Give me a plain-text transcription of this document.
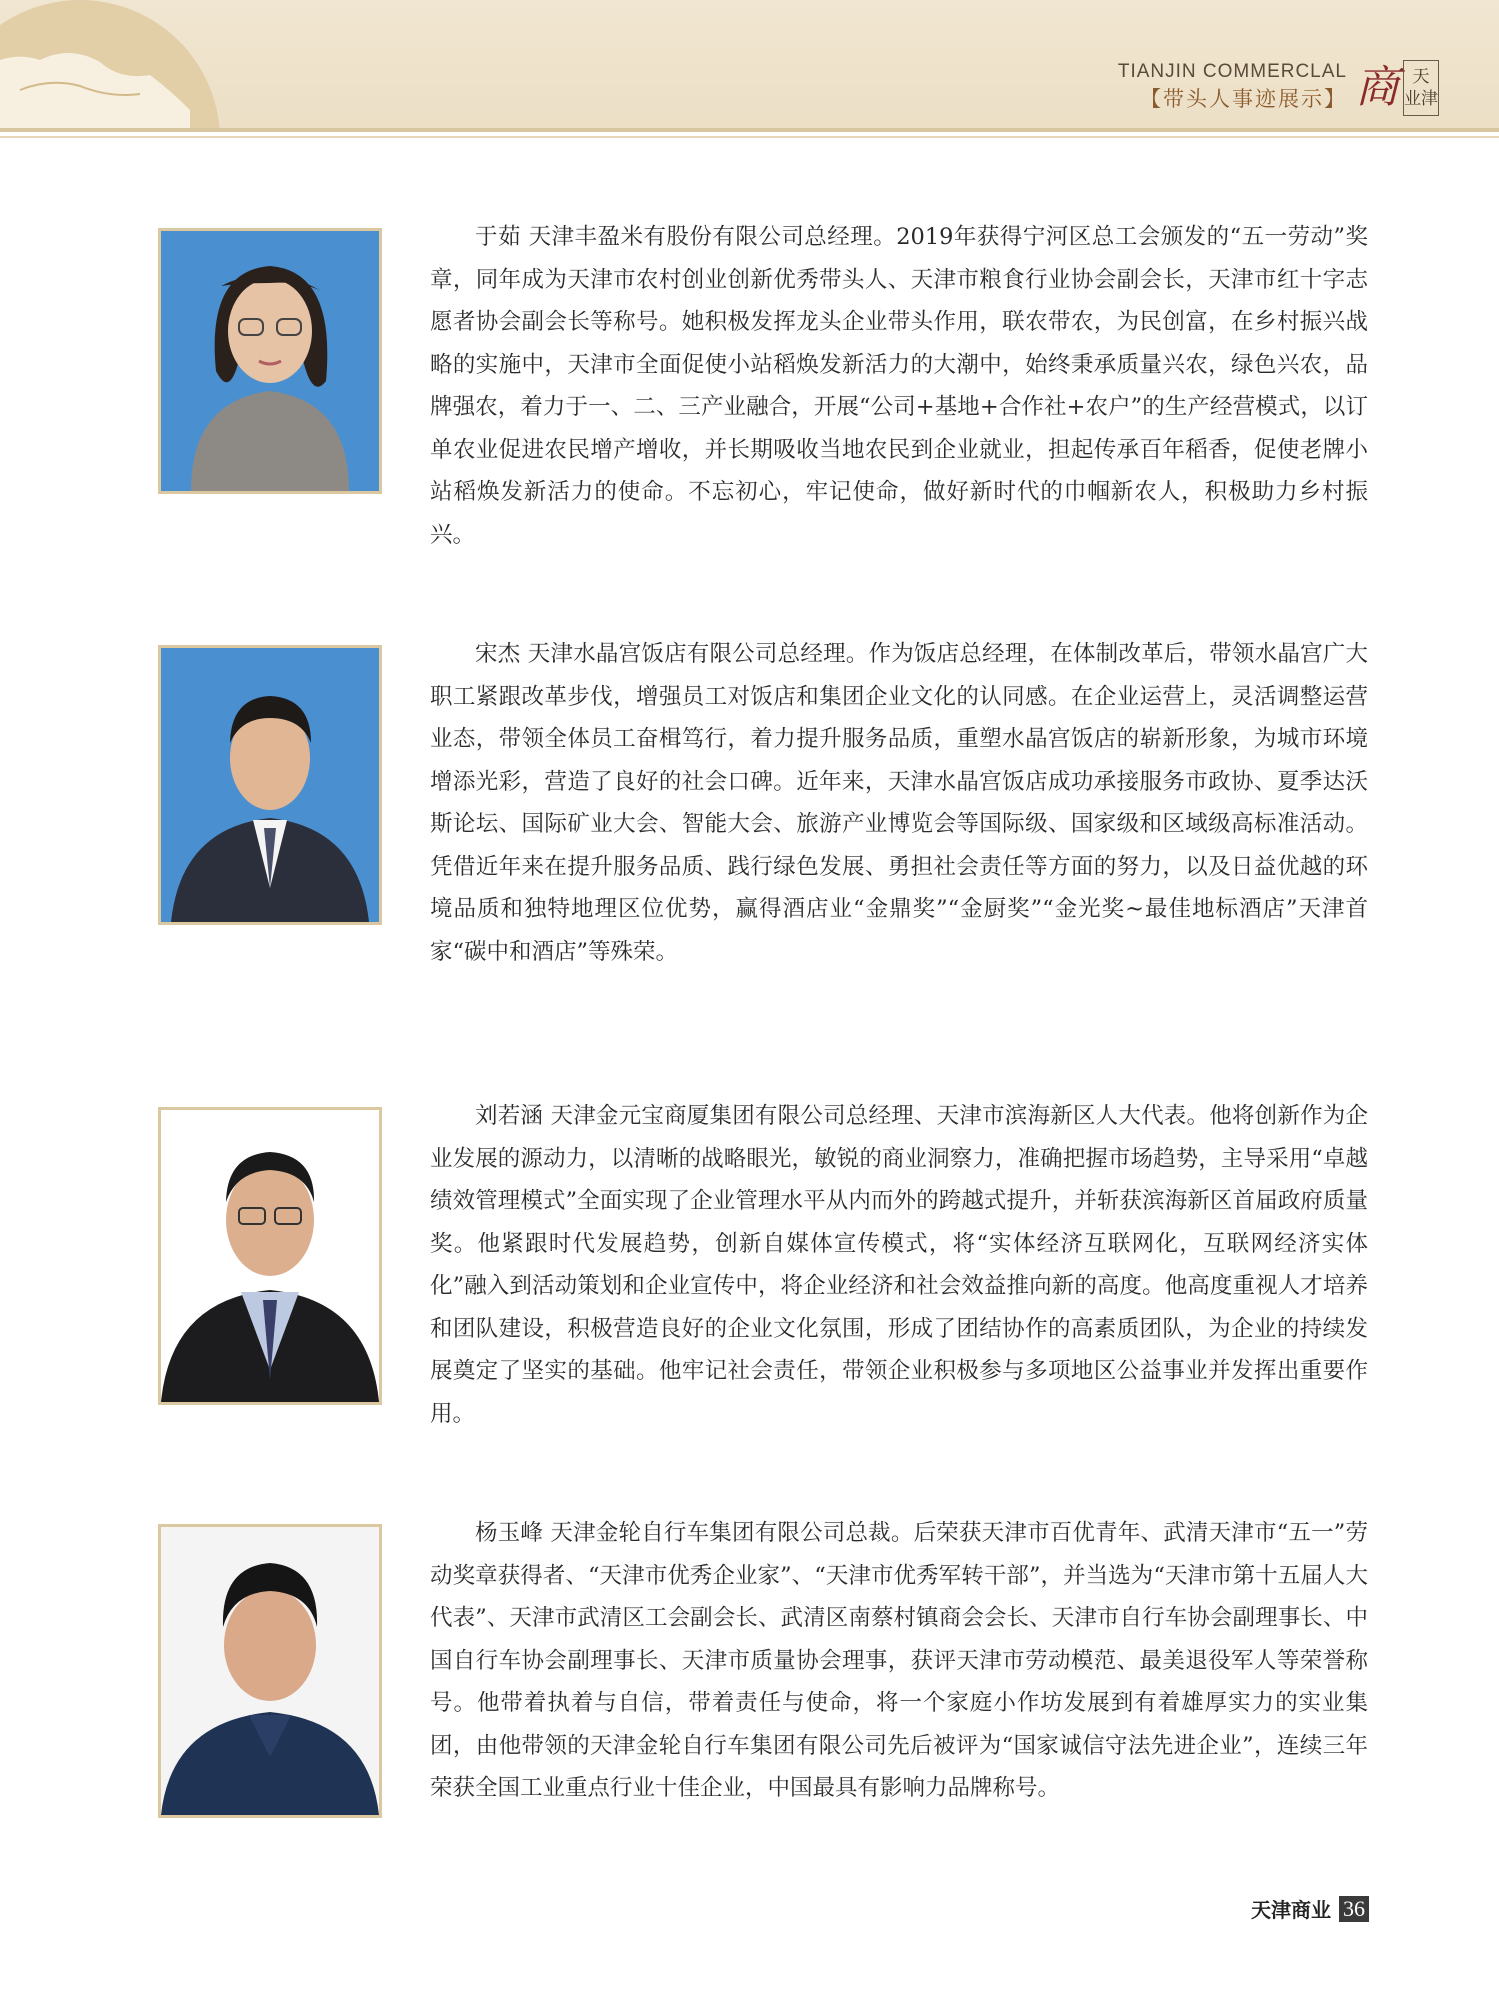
TIANJIN COMMERCLAL
【带头人事迹展示】 商 天
业津

于茹 天津丰盈米有股份有限公司总经理。2019年获得宁河区总工会颁发的“五一劳动”奖章，同年成为天津市农村创业创新优秀带头人、天津市粮食行业协会副会长，天津市红十字志愿者协会副会长等称号。她积极发挥龙头企业带头作用，联农带农，为民创富，在乡村振兴战略的实施中，天津市全面促使小站稻焕发新活力的大潮中，始终秉承质量兴农，绿色兴农，品牌强农，着力于一、二、三产业融合，开展“公司+基地+合作社+农户”的生产经营模式，以订单农业促进农民增产增收，并长期吸收当地农民到企业就业，担起传承百年稻香，促使老牌小站稻焕发新活力的使命。不忘初心，牢记使命，做好新时代的巾帼新农人，积极助力乡村振兴。

宋杰 天津水晶宫饭店有限公司总经理。作为饭店总经理，在体制改革后，带领水晶宫广大职工紧跟改革步伐，增强员工对饭店和集团企业文化的认同感。在企业运营上，灵活调整运营业态，带领全体员工奋楫笃行，着力提升服务品质，重塑水晶宫饭店的崭新形象，为城市环境增添光彩，营造了良好的社会口碑。近年来，天津水晶宫饭店成功承接服务市政协、夏季达沃斯论坛、国际矿业大会、智能大会、旅游产业博览会等国际级、国家级和区域级高标准活动。凭借近年来在提升服务品质、践行绿色发展、勇担社会责任等方面的努力，以及日益优越的环境品质和独特地理区位优势，赢得酒店业“金鼎奖”“金厨奖”“金光奖~最佳地标酒店”天津首家“碳中和酒店”等殊荣。

刘若涵 天津金元宝商厦集团有限公司总经理、天津市滨海新区人大代表。他将创新作为企业发展的源动力，以清晰的战略眼光，敏锐的商业洞察力，准确把握市场趋势，主导采用“卓越绩效管理模式”全面实现了企业管理水平从内而外的跨越式提升，并斩获滨海新区首届政府质量奖。他紧跟时代发展趋势，创新自媒体宣传模式，将“实体经济互联网化，互联网经济实体化”融入到活动策划和企业宣传中，将企业经济和社会效益推向新的高度。他高度重视人才培养和团队建设，积极营造良好的企业文化氛围，形成了团结协作的高素质团队，为企业的持续发展奠定了坚实的基础。他牢记社会责任，带领企业积极参与多项地区公益事业并发挥出重要作用。

杨玉峰 天津金轮自行车集团有限公司总裁。后荣获天津市百优青年、武清天津市“五一”劳动奖章获得者、“天津市优秀企业家”、“天津市优秀军转干部”，并当选为“天津市第十五届人大代表”、天津市武清区工会副会长、武清区南蔡村镇商会会长、天津市自行车协会副理事长、中国自行车协会副理事长、天津市质量协会理事，获评天津市劳动模范、最美退役军人等荣誉称号。他带着执着与自信，带着责任与使命，将一个家庭小作坊发展到有着雄厚实力的实业集团，由他带领的天津金轮自行车集团有限公司先后被评为“国家诚信守法先进企业”，连续三年荣获全国工业重点行业十佳企业，中国最具有影响力品牌称号。

天津商业 36
